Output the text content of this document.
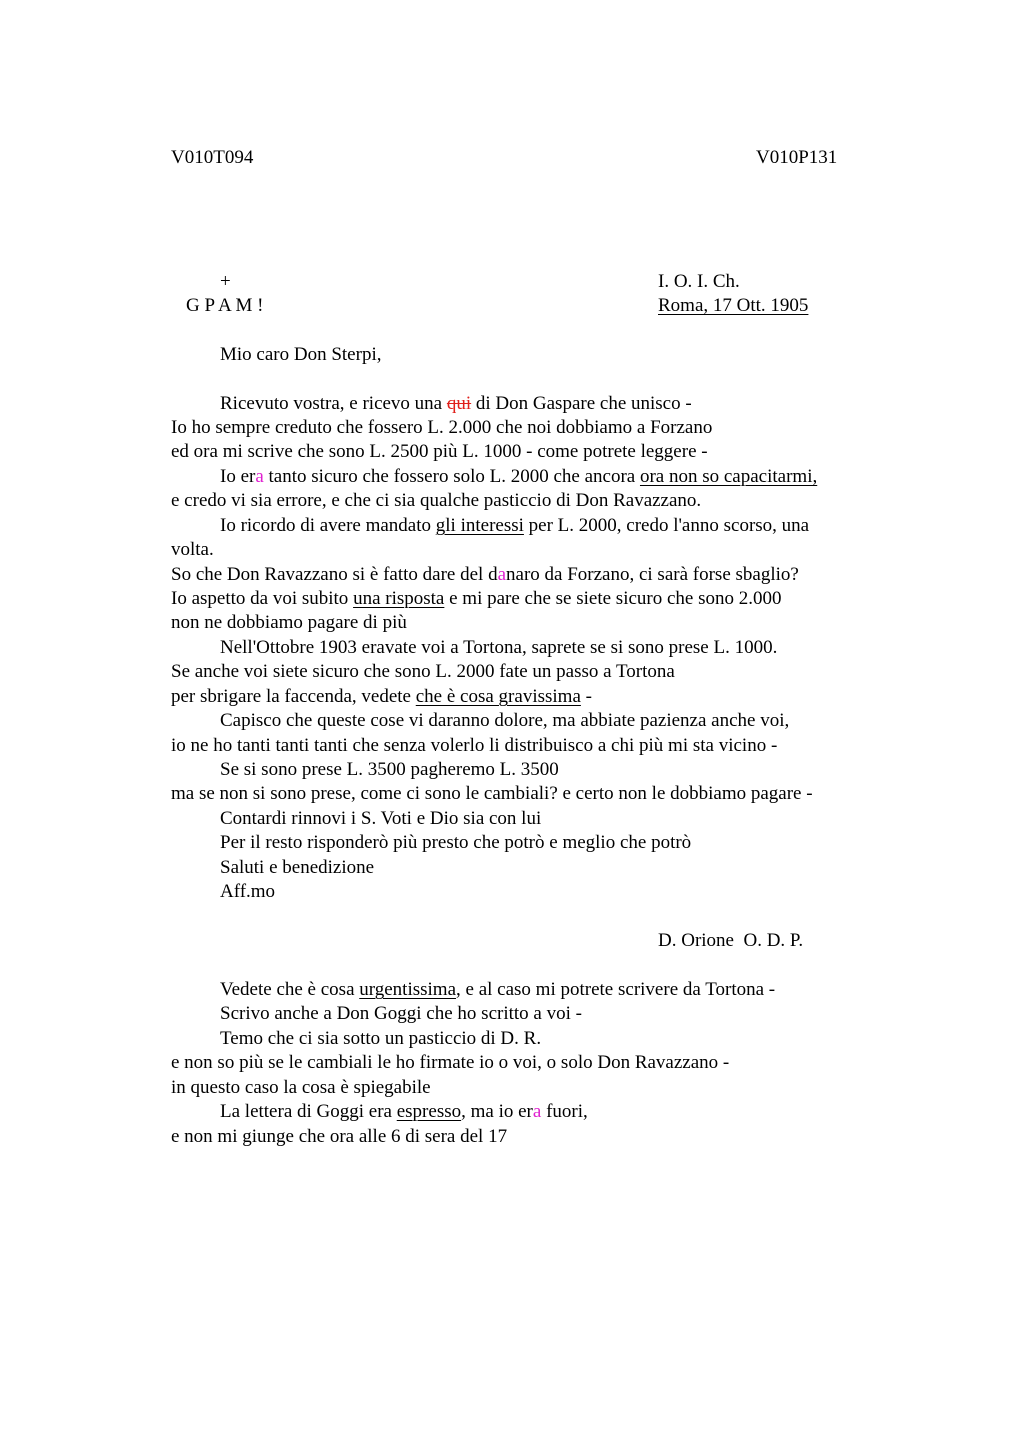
V010T094	V010P131
+
G P A M !
I. O. I. Ch.
Roma, 17 Ott. 1905
Mio caro Don Sterpi,
Ricevuto vostra, e ricevo una qui di Don Gaspare che unisco -
Io ho sempre creduto che fossero L. 2.000 che noi dobbiamo a Forzano
ed ora mi scrive che sono L. 2500 più L. 1000 - come potrete leggere -
Io era tanto sicuro che fossero solo L. 2000 che ancora ora non so capacitarmi,
e credo vi sia errore, e che ci sia qualche pasticcio di Don Ravazzano.
Io ricordo di avere mandato gli interessi per L. 2000, credo l'anno scorso, una
volta.
So che Don Ravazzano si è fatto dare del danaro da Forzano, ci sarà forse sbaglio?
Io aspetto da voi subito una risposta e mi pare che se siete sicuro che sono 2.000
non ne dobbiamo pagare di più
Nell'Ottobre 1903 eravate voi a Tortona, saprete se si sono prese L. 1000.
Se anche voi siete sicuro che sono L. 2000 fate un passo a Tortona
per sbrigare la faccenda, vedete che è cosa gravissima -
Capisco che queste cose vi daranno dolore, ma abbiate pazienza anche voi,
io ne ho tanti tanti tanti che senza volerlo li distribuisco a chi più mi sta vicino -
Se si sono prese L. 3500 pagheremo L. 3500
ma se non si sono prese, come ci sono le cambiali? e certo non le dobbiamo pagare -
Contardi rinnovi i S. Voti e Dio sia con lui
Per il resto risponderò più presto che potrò e meglio che potrò
Saluti e benedizione
Aff.mo
D. Orione  O. D. P.
Vedete che è cosa urgentissima, e al caso mi potrete scrivere da Tortona -
Scrivo anche a Don Goggi che ho scritto a voi -
Temo che ci sia sotto un pasticcio di D. R.
e non so più se le cambiali le ho firmate io o voi, o solo Don Ravazzano -
in questo caso la cosa è spiegabile
La lettera di Goggi era espresso, ma io era fuori,
e non mi giunge che ora alle 6 di sera del 17
